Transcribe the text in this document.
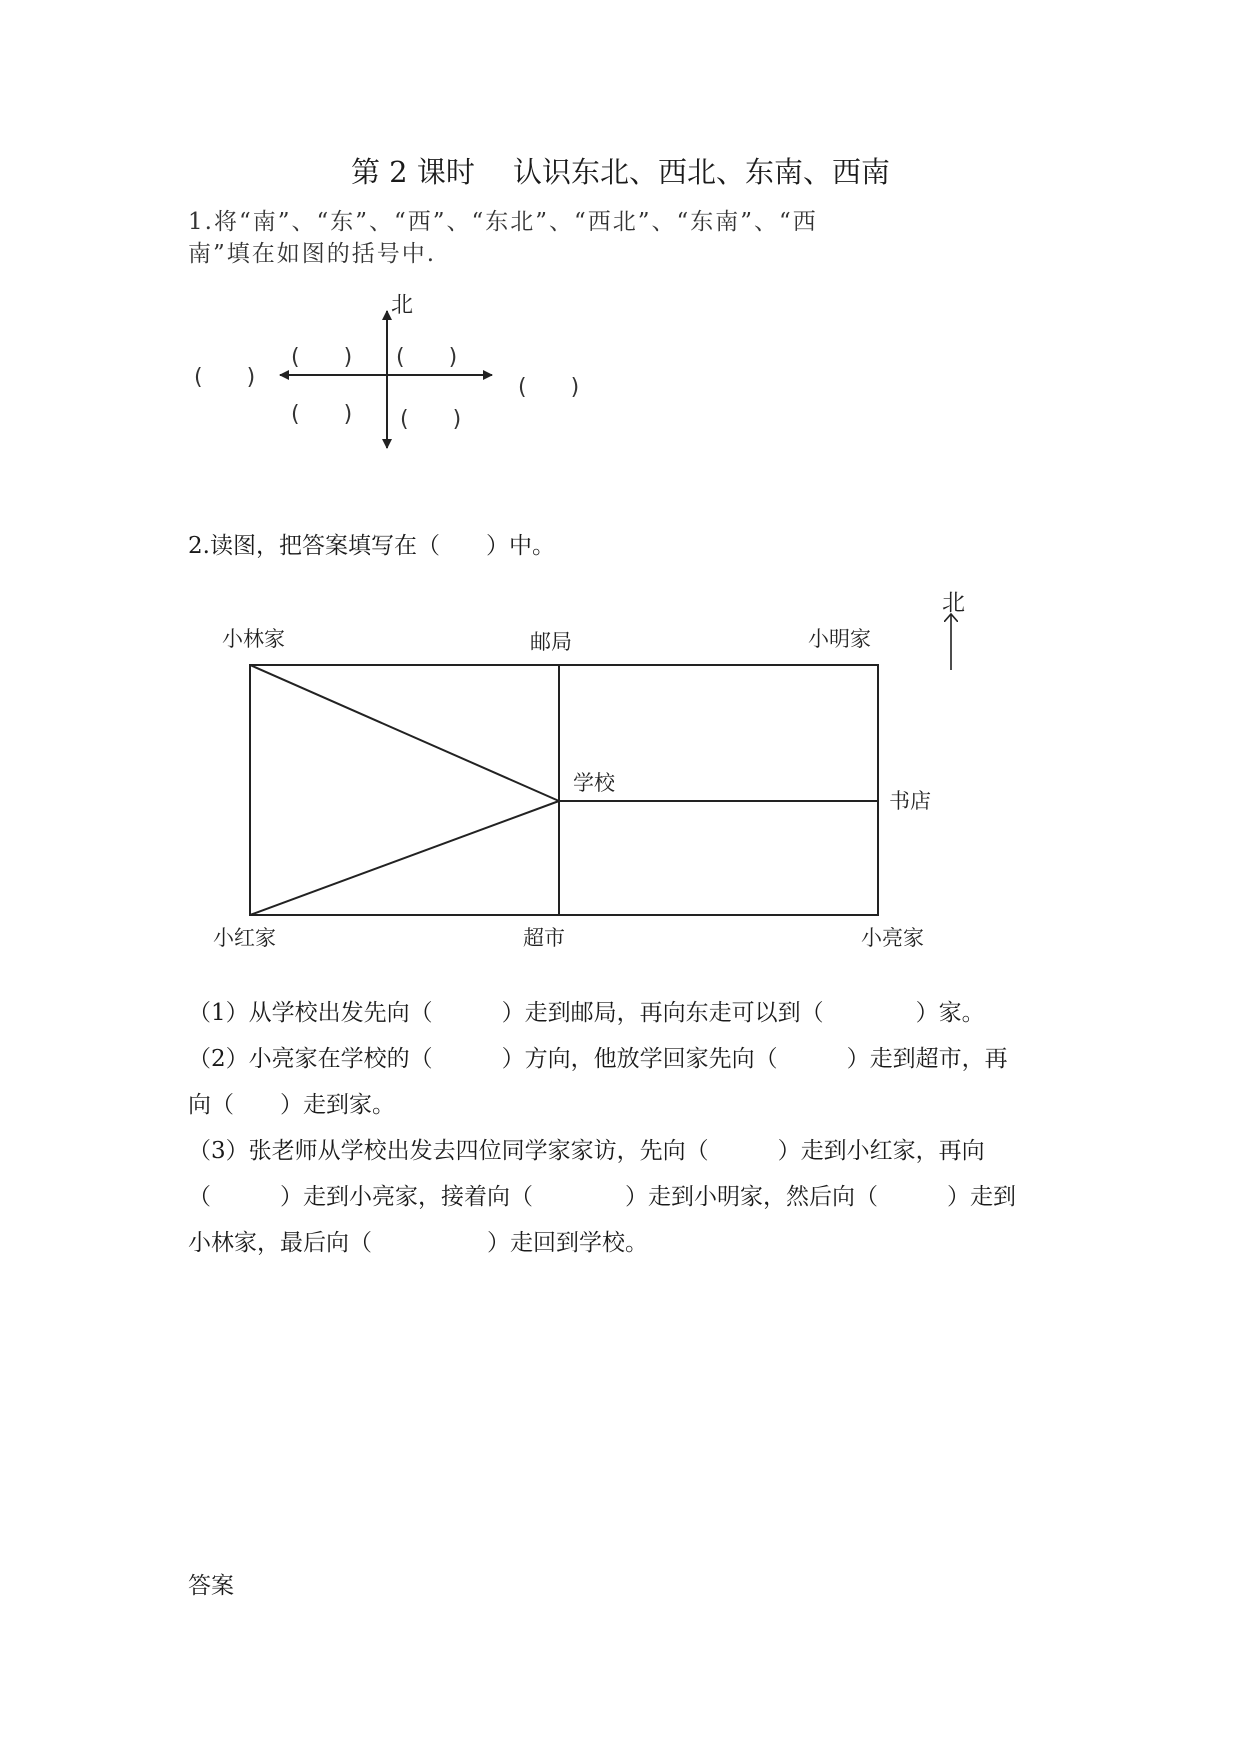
第 2 课时　 认识东北、西北、东南、西南
1.将“南”、“东”、“西”、“东北”、“西北”、“东南”、“西
南”填在如图的括号中.
北
(　　)
(　　) (　　)
(　　)
(　　) (　　)
2.读图，把答案填写在（　　）中。
北
小林家	邮局	小明家
学校
书店
小红家	超市	小亮家
（1）从学校出发先向（　　　）走到邮局，再向东走可以到（　　　　）家。
（2）小亮家在学校的（　　　）方向，他放学回家先向（　　　）走到超市，再
向（　　）走到家。
（3）张老师从学校出发去四位同学家家访，先向（　　　）走到小红家，再向
（　　　）走到小亮家，接着向（　　　　）走到小明家，然后向（　　　）走到
小林家，最后向（　　　　　）走回到学校。
答案
